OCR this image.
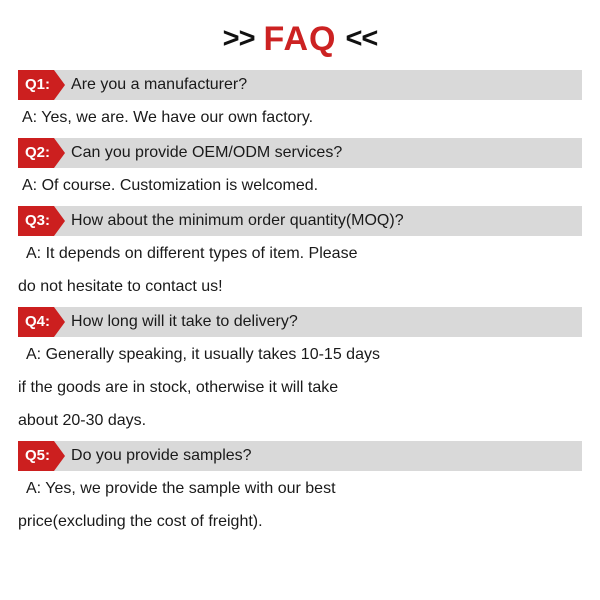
>> FAQ <<
Q1: Are you a manufacturer?
A: Yes, we are. We have our own factory.
Q2: Can you provide OEM/ODM services?
A: Of course. Customization is welcomed.
Q3: How about the minimum order quantity(MOQ)?
A: It depends on different types of item. Please
do not hesitate to contact us!
Q4: How long will it take to delivery?
A: Generally speaking, it usually takes 10-15 days
if the goods are in stock, otherwise it will take
about 20-30 days.
Q5: Do you provide samples?
A: Yes, we provide the sample with our best
price(excluding the cost of freight).
